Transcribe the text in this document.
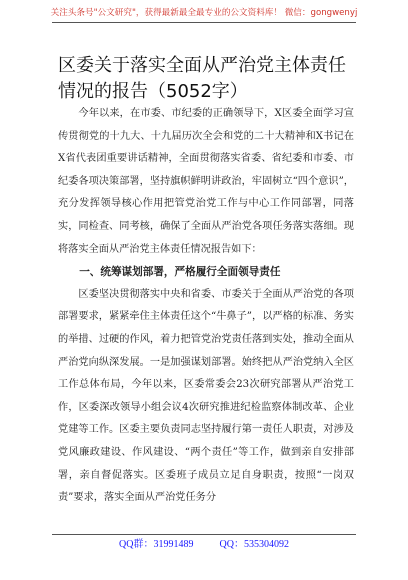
关注头条号"公文研究"，获得最新最全最专业的公文资料库！ 微信：gongwenyj
区委关于落实全面从严治党主体责任情况的报告（5052字）

今年以来，在市委、市纪委的正确领导下，X区委全面学习宣传贯彻党的十九大、十九届历次全会和党的二十大精神和X书记在X省代表团重要讲话精神，全面贯彻落实省委、省纪委和市委、市纪委各项决策部署，坚持旗帜鲜明讲政治，牢固树立“四个意识”，充分发挥领导核心作用把管党治党工作与中心工作同部署，同落实，同检查、同考核，确保了全面从严治党各项任务落实落细。现将落实全面从严治党主体责任情况报告如下：

一、统筹谋划部署，严格履行全面领导责任

区委坚决贯彻落实中央和省委、市委关于全面从严治党的各项部署要求，紧紧牵住主体责任这个“牛鼻子”，以严格的标准、务实的举措、过硬的作风，着力把管党治党责任落到实处，推动全面从严治党向纵深发展。一是加强谋划部署。始终把从严治党纳入全区工作总体布局，今年以来，区委常委会23次研究部署从严治党工作，区委深改领导小组会议4次研究推进纪检监察体制改革、企业党建等工作。区委主要负责同志坚持履行第一责任人职责，对涉及党风廉政建设、作风建设、“两个责任”等工作，做到亲自安排部署，亲自督促落实。区委班子成员立足自身职责，按照“一岗双责”要求，落实全面从严治党任务分

QQ群：31991489	QQ：535304092
